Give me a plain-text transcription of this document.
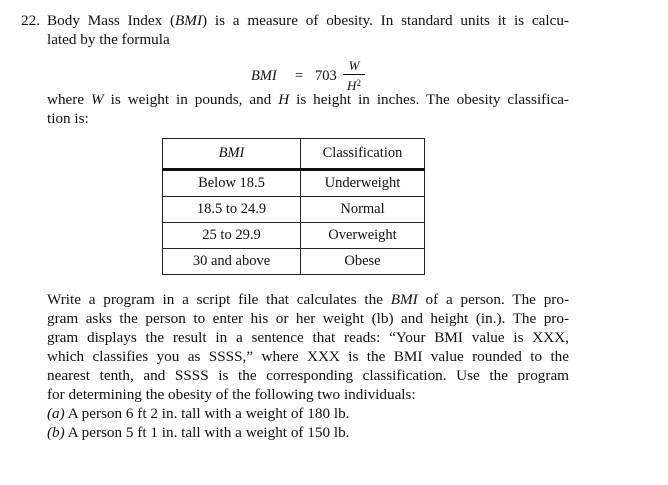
22. Body Mass Index (BMI) is a measure of obesity. In standard units it is calcu-
lated by the formula
BMI = 703
W
$H^2$
where W is weight in pounds, and H is height in inches. The obesity classifica-
tion is:
BMI	Classification
Below 18.5	Underweight
18.5 to 24.9	Normal
25 to 29.9	Overweight
30 and above	Obese
Write a program in a script file that calculates the BMI of a person. The pro-
gram asks the person to enter his or her weight (lb) and height (in.). The pro-
gram displays the result in a sentence that reads: “Your BMI value is XXX,
which classifies you as SSSS,” where XXX is the BMI value rounded to the
nearest tenth, and SSSS is the corresponding classification. Use the program
for determining the obesity of the following two individuals:
(a) A person 6 ft 2 in. tall with a weight of 180 lb.
(b) A person 5 ft 1 in. tall with a weight of 150 lb.
